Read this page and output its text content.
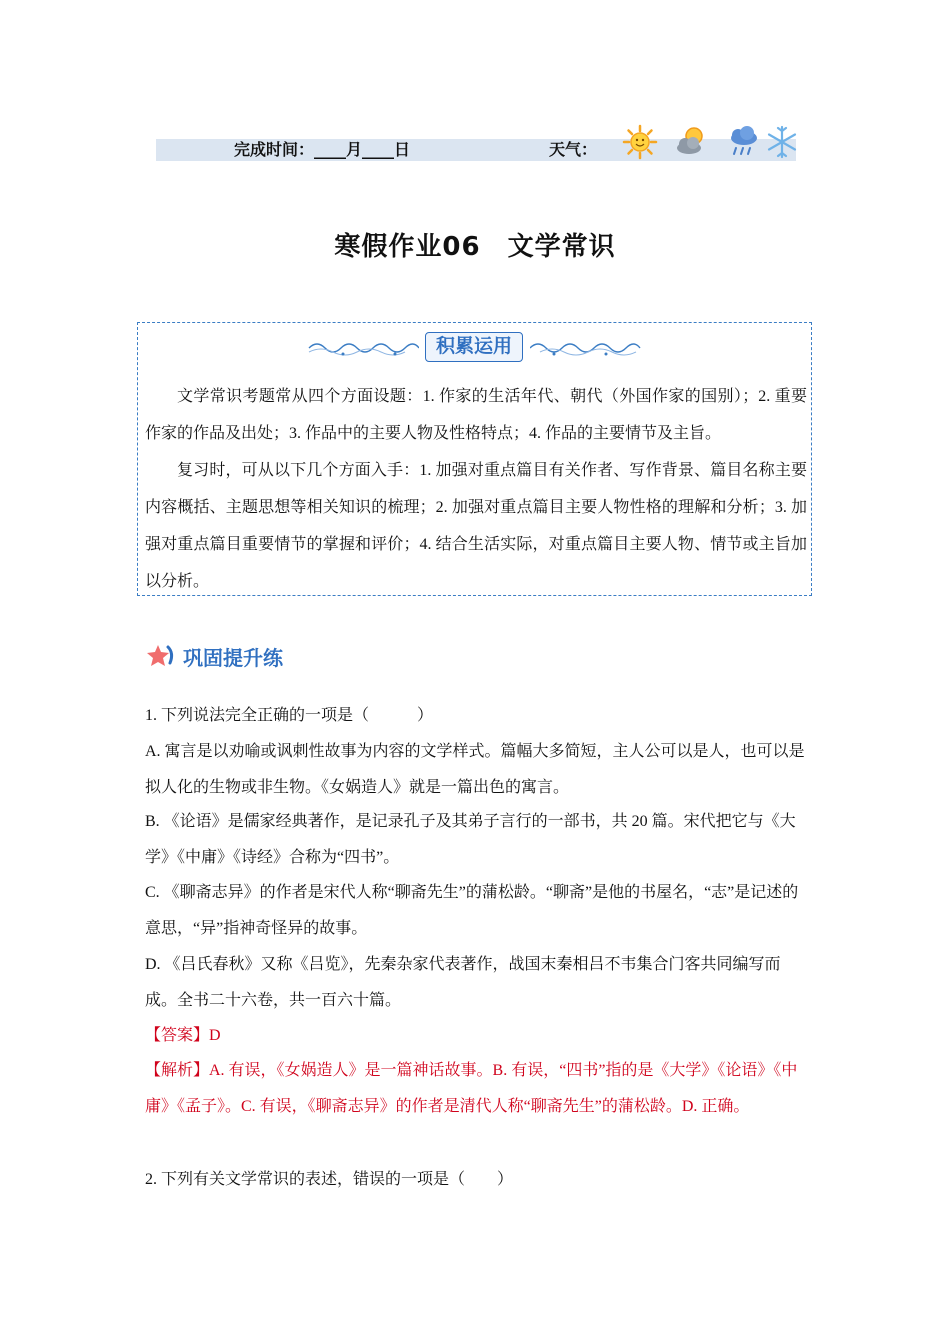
完成时间：____月____日	天气：
寒假作业06　文学常识
积累运用

文学常识考题常从四个方面设题：1. 作家的生活年代、朝代（外国作家的国别）；2. 重要作家的作品及出处；3. 作品中的主要人物及性格特点；4. 作品的主要情节及主旨。

复习时，可从以下几个方面入手：1. 加强对重点篇目有关作者、写作背景、篇目名称主要内容概括、主题思想等相关知识的梳理；2. 加强对重点篇目主要人物性格的理解和分析；3. 加强对重点篇目重要情节的掌握和评价；4. 结合生活实际，对重点篇目主要人物、情节或主旨加以分析。

巩固提升练

1. 下列说法完全正确的一项是（　　　）

A. 寓言是以劝喻或讽刺性故事为内容的文学样式。篇幅大多简短，主人公可以是人，也可以是拟人化的生物或非生物。《女娲造人》就是一篇出色的寓言。

B. 《论语》是儒家经典著作，是记录孔子及其弟子言行的一部书，共 20 篇。宋代把它与《大学》《中庸》《诗经》合称为“四书”。

C. 《聊斋志异》的作者是宋代人称“聊斋先生”的蒲松龄。“聊斋”是他的书屋名，“志”是记述的意思，“异”指神奇怪异的故事。

D. 《吕氏春秋》又称《吕览》，先秦杂家代表著作，战国末秦相吕不韦集合门客共同编写而成。全书二十六卷，共一百六十篇。

【答案】D

【解析】A. 有误，《女娲造人》是一篇神话故事。B. 有误，“四书”指的是《大学》《论语》《中庸》《孟子》。C. 有误，《聊斋志异》的作者是清代人称“聊斋先生”的蒲松龄。D. 正确。

2. 下列有关文学常识的表述，错误的一项是（　　）
